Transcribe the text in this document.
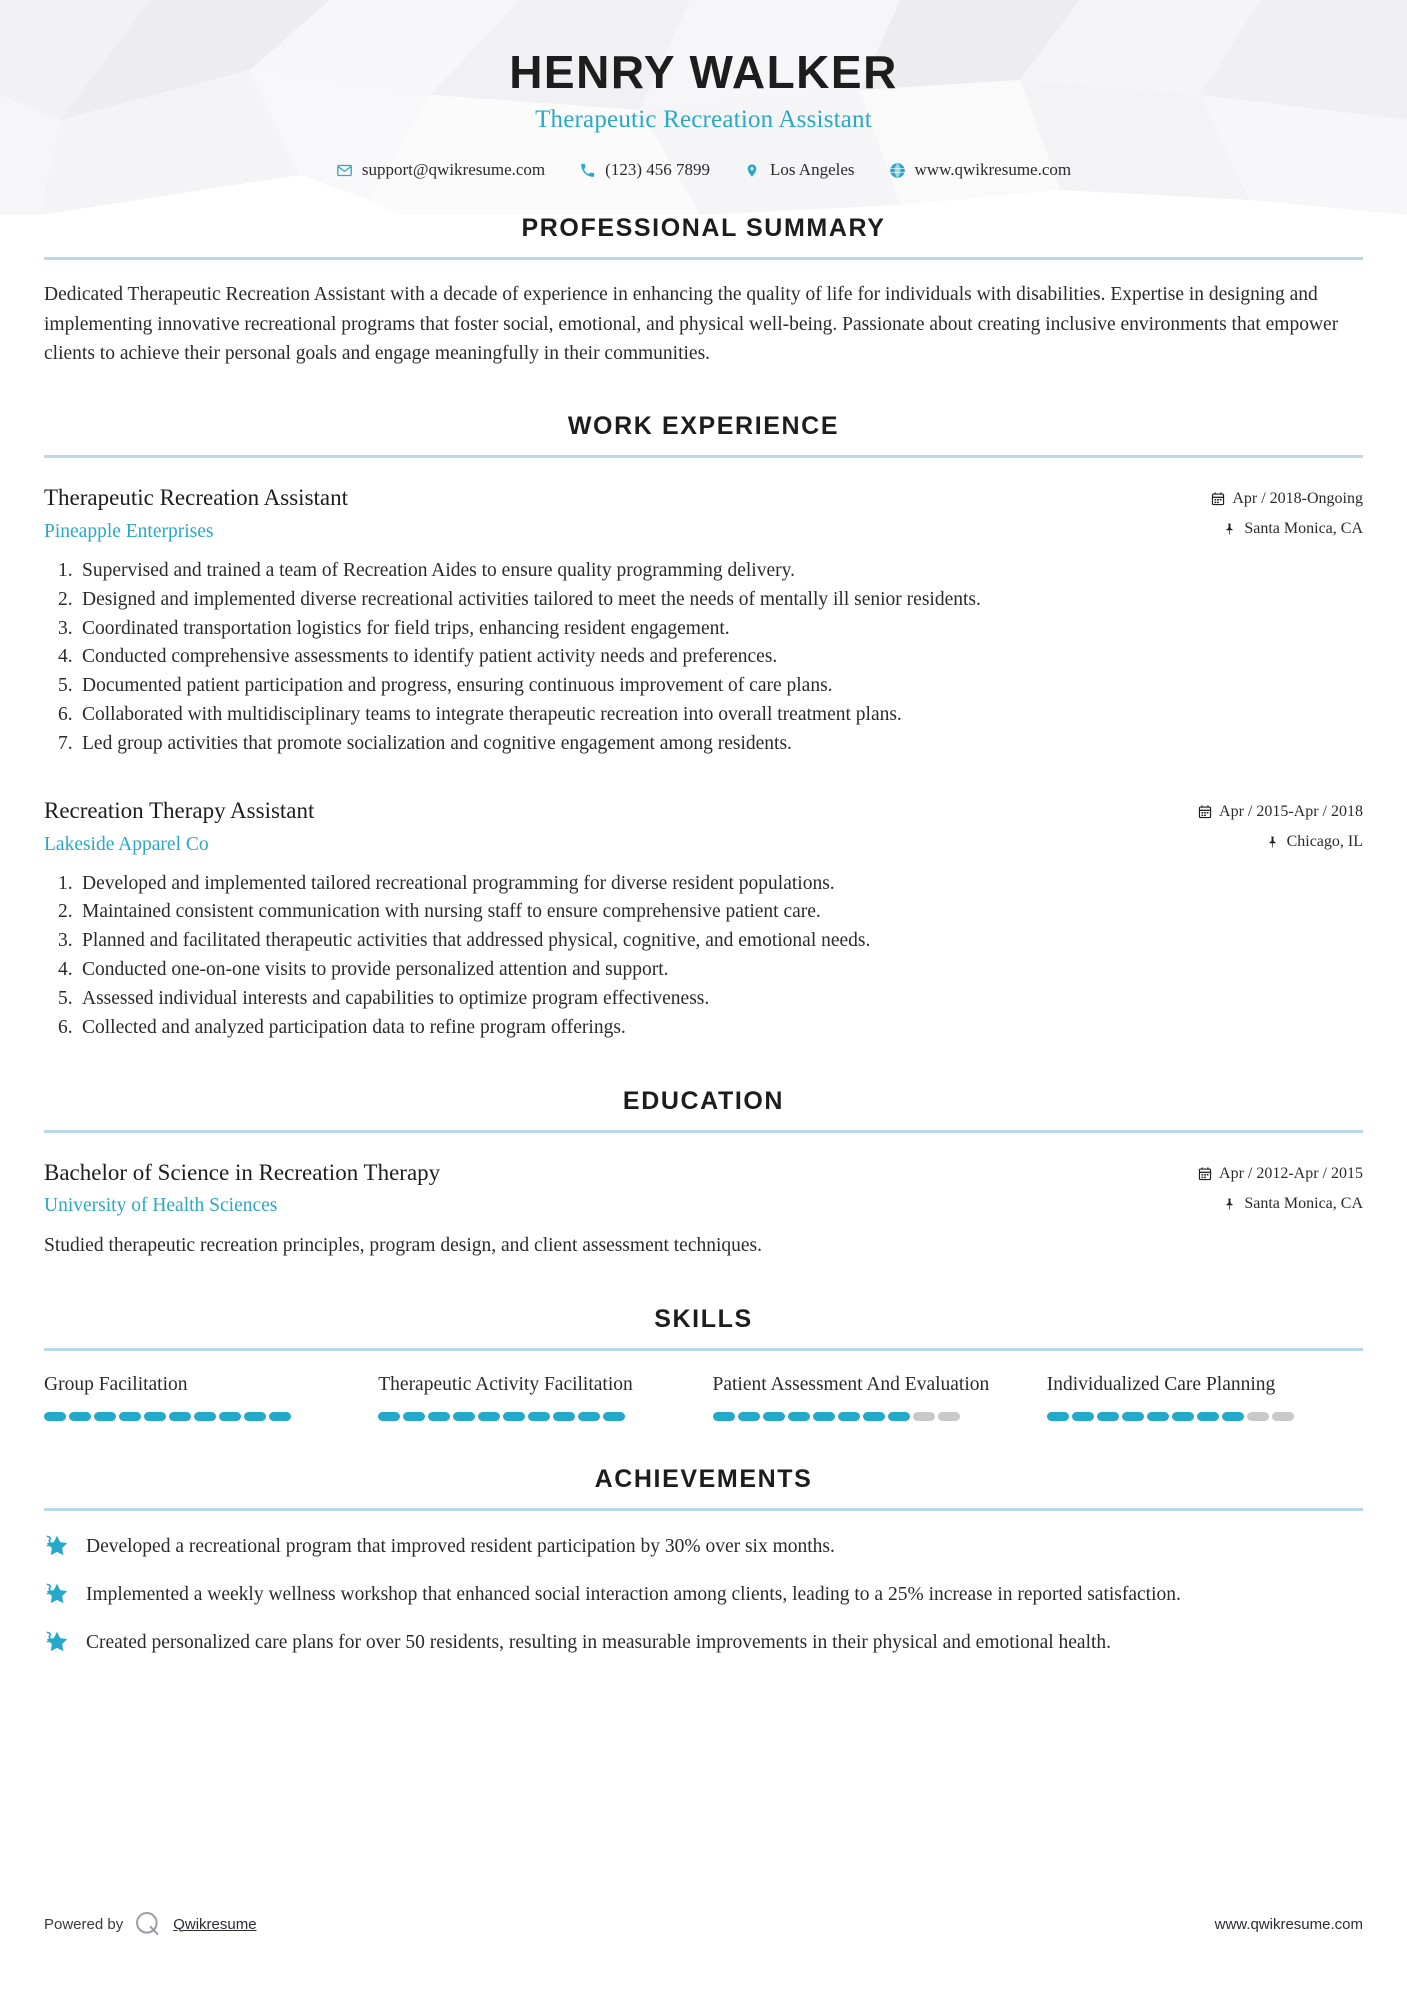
HENRY WALKER
Therapeutic Recreation Assistant
support@qwikresume.com	(123) 456 7899	Los Angeles	www.qwikresume.com
PROFESSIONAL SUMMARY
Dedicated Therapeutic Recreation Assistant with a decade of experience in enhancing the quality of life for individuals with disabilities. Expertise in designing and implementing innovative recreational programs that foster social, emotional, and physical well-being. Passionate about creating inclusive environments that empower clients to achieve their personal goals and engage meaningfully in their communities.
WORK EXPERIENCE
Therapeutic Recreation Assistant
Pineapple Enterprises
Apr / 2018-Ongoing
Santa Monica, CA
Supervised and trained a team of Recreation Aides to ensure quality programming delivery.
Designed and implemented diverse recreational activities tailored to meet the needs of mentally ill senior residents.
Coordinated transportation logistics for field trips, enhancing resident engagement.
Conducted comprehensive assessments to identify patient activity needs and preferences.
Documented patient participation and progress, ensuring continuous improvement of care plans.
Collaborated with multidisciplinary teams to integrate therapeutic recreation into overall treatment plans.
Led group activities that promote socialization and cognitive engagement among residents.
Recreation Therapy Assistant
Lakeside Apparel Co
Apr / 2015-Apr / 2018
Chicago, IL
Developed and implemented tailored recreational programming for diverse resident populations.
Maintained consistent communication with nursing staff to ensure comprehensive patient care.
Planned and facilitated therapeutic activities that addressed physical, cognitive, and emotional needs.
Conducted one-on-one visits to provide personalized attention and support.
Assessed individual interests and capabilities to optimize program effectiveness.
Collected and analyzed participation data to refine program offerings.
EDUCATION
Bachelor of Science in Recreation Therapy
University of Health Sciences
Apr / 2012-Apr / 2015
Santa Monica, CA
Studied therapeutic recreation principles, program design, and client assessment techniques.
SKILLS
Group Facilitation	Therapeutic Activity Facilitation	Patient Assessment And Evaluation	Individualized Care Planning
ACHIEVEMENTS
Developed a recreational program that improved resident participation by 30% over six months.
Implemented a weekly wellness workshop that enhanced social interaction among clients, leading to a 25% increase in reported satisfaction.
Created personalized care plans for over 50 residents, resulting in measurable improvements in their physical and emotional health.
Powered by	Qwikresume	www.qwikresume.com
